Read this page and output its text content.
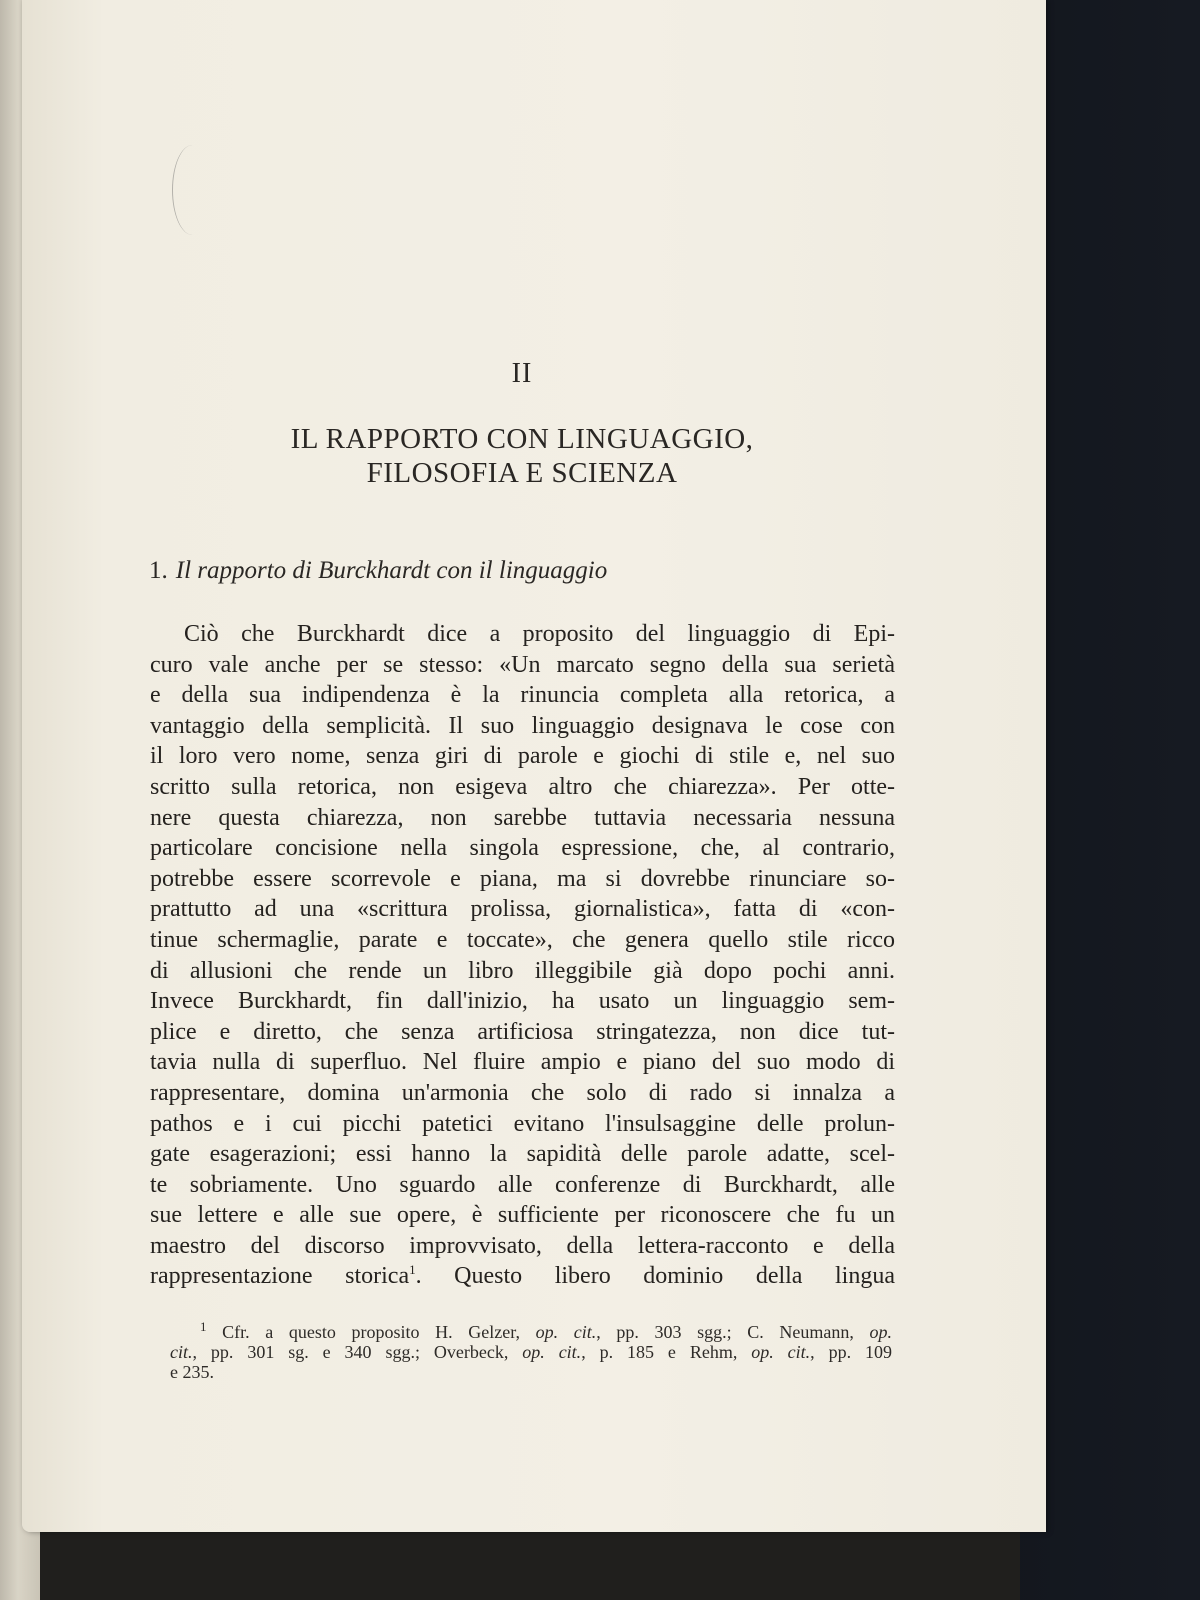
II
IL RAPPORTO CON LINGUAGGIO,
FILOSOFIA E SCIENZA
1. Il rapporto di Burckhardt con il linguaggio
Ciò che Burckhardt dice a proposito del linguaggio di Epi-
curo vale anche per se stesso: «Un marcato segno della sua serietà
e della sua indipendenza è la rinuncia completa alla retorica, a
vantaggio della semplicità. Il suo linguaggio designava le cose con
il loro vero nome, senza giri di parole e giochi di stile e, nel suo
scritto sulla retorica, non esigeva altro che chiarezza». Per otte-
nere questa chiarezza, non sarebbe tuttavia necessaria nessuna
particolare concisione nella singola espressione, che, al contrario,
potrebbe essere scorrevole e piana, ma si dovrebbe rinunciare so-
prattutto ad una «scrittura prolissa, giornalistica», fatta di «con-
tinue schermaglie, parate e toccate», che genera quello stile ricco
di allusioni che rende un libro illeggibile già dopo pochi anni.
Invece Burckhardt, fin dall'inizio, ha usato un linguaggio sem-
plice e diretto, che senza artificiosa stringatezza, non dice tut-
tavia nulla di superfluo. Nel fluire ampio e piano del suo modo di
rappresentare, domina un'armonia che solo di rado si innalza a
pathos e i cui picchi patetici evitano l'insulsaggine delle prolun-
gate esagerazioni; essi hanno la sapidità delle parole adatte, scel-
te sobriamente. Uno sguardo alle conferenze di Burckhardt, alle
sue lettere e alle sue opere, è sufficiente per riconoscere che fu un
maestro del discorso improvvisato, della lettera-racconto e della
rappresentazione storica$^1$. Questo libero dominio della lingua
$^1$ Cfr. a questo proposito H. Gelzer, op. cit., pp. 303 sgg.; C. Neumann, op.
cit., pp. 301 sg. e 340 sgg.; Overbeck, op. cit., p. 185 e Rehm, op. cit., pp. 109
e 235.
